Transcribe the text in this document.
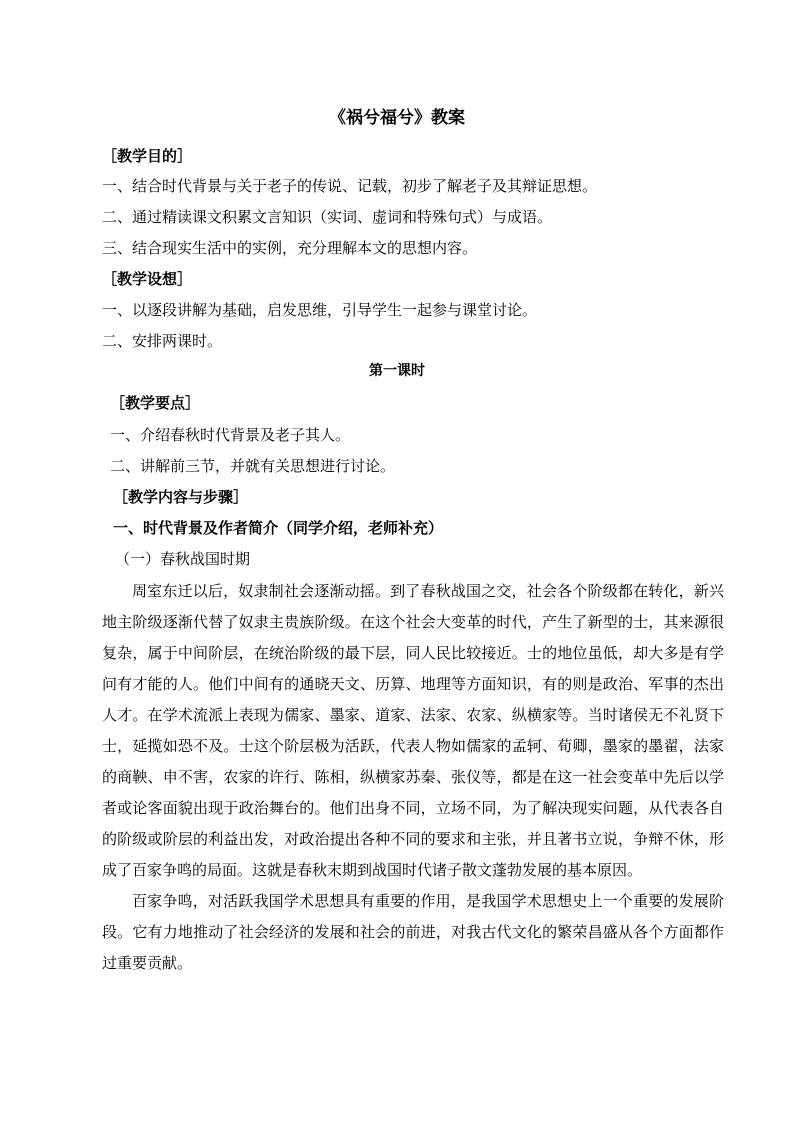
《祸兮福兮》教案
［教学目的］
一、结合时代背景与关于老子的传说、记载，初步了解老子及其辩证思想。
二、通过精读课文积累文言知识（实词、虚词和特殊句式）与成语。
三、结合现实生活中的实例，充分理解本文的思想内容。
［教学设想］
一、以逐段讲解为基础，启发思维，引导学生一起参与课堂讨论。
二、安排两课时。
第一课时
［教学要点］
一、介绍春秋时代背景及老子其人。
二、讲解前三节，并就有关思想进行讨论。
［教学内容与步骤］
一、时代背景及作者简介（同学介绍，老师补充）
（一）春秋战国时期
周室东迁以后，奴隶制社会逐渐动摇。到了春秋战国之交，社会各个阶级都在转化，新兴地主阶级逐渐代替了奴隶主贵族阶级。在这个社会大变革的时代，产生了新型的士，其来源很复杂，属于中间阶层，在统治阶级的最下层，同人民比较接近。士的地位虽低，却大多是有学问有才能的人。他们中间有的通晓天文、历算、地理等方面知识，有的则是政治、军事的杰出人才。在学术流派上表现为儒家、墨家、道家、法家、农家、纵横家等。当时诸侯无不礼贤下士，延揽如恐不及。士这个阶层极为活跃，代表人物如儒家的孟轲、荀卿，墨家的墨翟，法家的商鞅、申不害，农家的许行、陈相，纵横家苏秦、张仪等，都是在这一社会变革中先后以学者或论客面貌出现于政治舞台的。他们出身不同，立场不同，为了解决现实问题，从代表各自的阶级或阶层的利益出发，对政治提出各种不同的要求和主张，并且著书立说，争辩不休，形成了百家争鸣的局面。这就是春秋末期到战国时代诸子散文蓬勃发展的基本原因。
百家争鸣，对活跃我国学术思想具有重要的作用，是我国学术思想史上一个重要的发展阶段。它有力地推动了社会经济的发展和社会的前进，对我古代文化的繁荣昌盛从各个方面都作过重要贡献。
